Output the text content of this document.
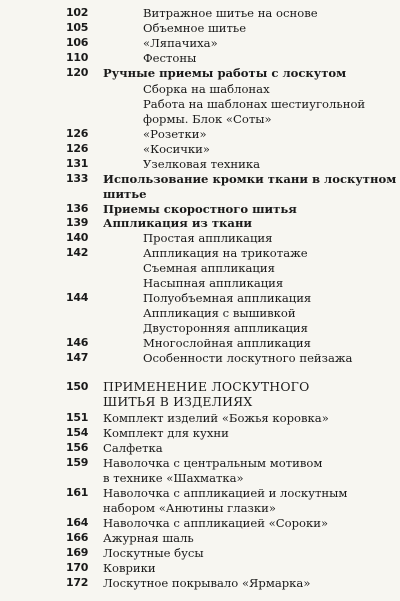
102	Витражное шитье на основе
105	Объемное шитье
106	«Ляпачиха»
110	Фестоны
120	Ручные приемы работы с лоскутом
Сборка на шаблонах
Работа на шаблонах шестиугольной
формы. Блок «Соты»
126	«Розетки»
126	«Косички»
131	Узелковая техника
133	Использование кромки ткани в лоскутном
шитье
136	Приемы скоростного шитья
139	Аппликация из ткани
140	Простая аппликация
142	Аппликация на трикотаже
Съемная аппликация
Насыпная аппликация
144	Полуобъемная аппликация
Аппликация с вышивкой
Двусторонняя аппликация
146	Многослойная аппликация
147	Особенности лоскутного пейзажа
150	ПРИМЕНЕНИЕ ЛОСКУТНОГО
ШИТЬЯ В ИЗДЕЛИЯХ
151	Комплект изделий «Божья коровка»
154	Комплект для кухни
156	Салфетка
159	Наволочка с центральным мотивом
в технике «Шахматка»
161	Наволочка с аппликацией и лоскутным
набором «Анютины глазки»
164	Наволочка с аппликацией «Сороки»
166	Ажурная шаль
169	Лоскутные бусы
170	Коврики
172	Лоскутное покрывало «Ярмарка»
